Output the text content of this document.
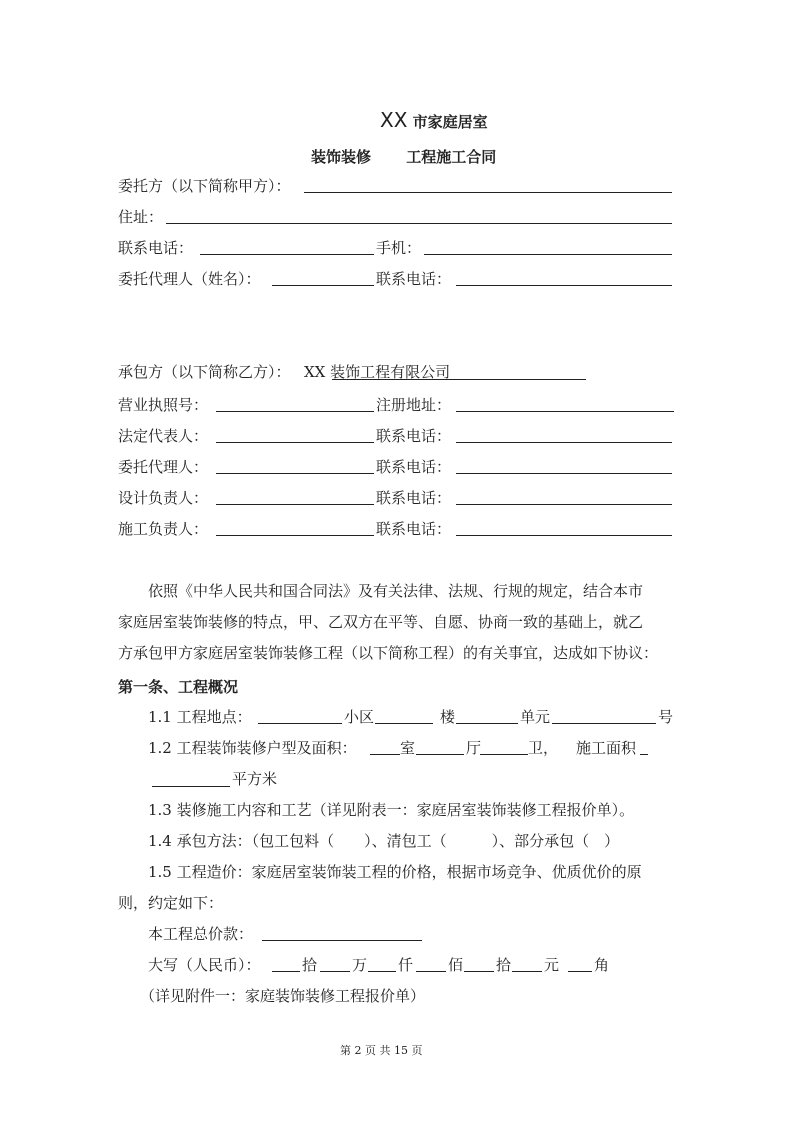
XX 市家庭居室
装饰装修 工程施工合同
委托方（以下简称甲方）：
住址：
联系电话：	手机：
委托代理人（姓名）：	联系电话：
承包方（以下简称乙方）： XX 装饰工程有限公司
营业执照号：	注册地址：
法定代表人：	联系电话：
委托代理人：	联系电话：
设计负责人：	联系电话：
施工负责人：	联系电话：
依照《中华人民共和国合同法》及有关法律、法规、行规的规定，结合本市
家庭居室装饰装修的特点，甲、乙双方在平等、自愿、协商一致的基础上，就乙
方承包甲方家庭居室装饰装修工程（以下简称工程）的有关事宜，达成如下协议：
第一条、工程概况
1.1 工程地点：	小区	楼	单元	号
1.2 工程装饰装修户型及面积：	室	厅	卫， 施工面积
平方米
1.3 装修施工内容和工艺（详见附表一：家庭居室装饰装修工程报价单）。
1.4 承包方法：（包工包料（　　）、清包工（　　　）、部分承包（　）
1.5 工程造价：家庭居室装饰装工程的价格，根据市场竞争、优质优价的原
则，约定如下：
本工程总价款：
大写（人民币）：	拾 万 仟 佰 拾 元 角
（详见附件一：家庭装饰装修工程报价单）
第 2 页 共 15 页
